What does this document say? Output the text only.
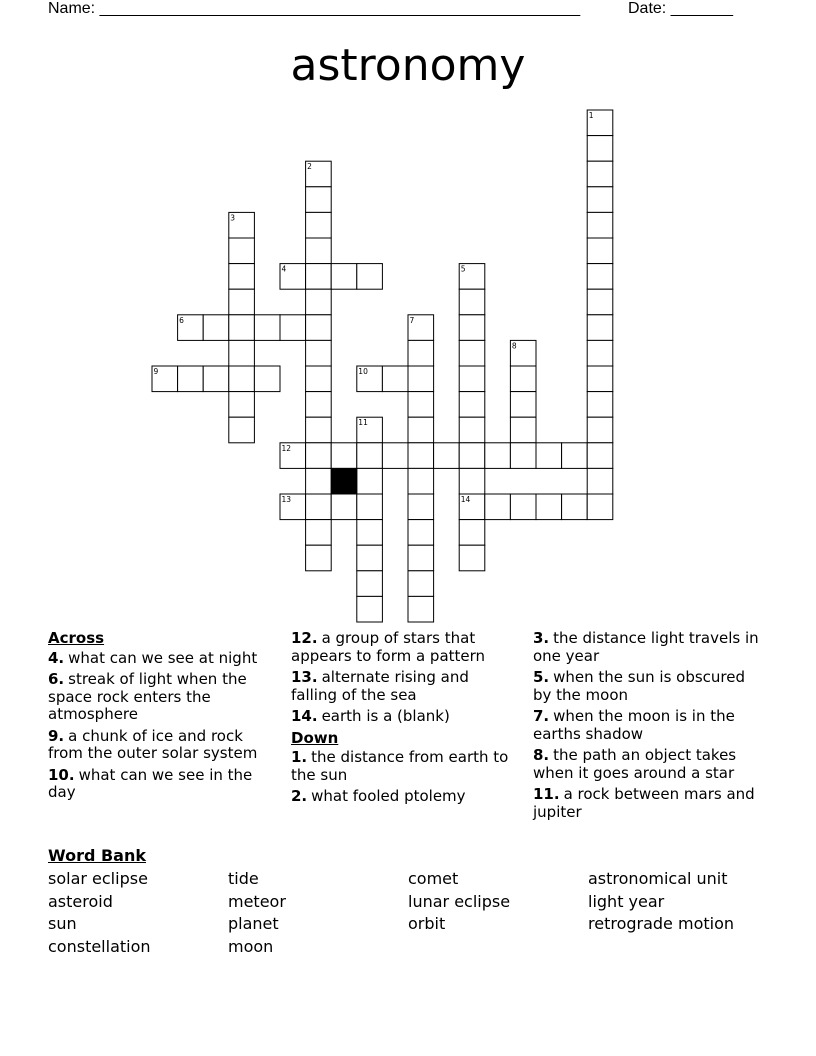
Name: ______________________________________________________	Date: _______
astronomy
1
2
3
4	5
6	7
8
9	10
11
12
13	14
Across
4. what can we see at night
6. streak of light when the space rock enters the atmosphere
9. a chunk of ice and rock from the outer solar system
10. what can we see in the day
12. a group of stars that appears to form a pattern
13. alternate rising and falling of the sea
14. earth is a (blank)
Down
1. the distance from earth to the sun
2. what fooled ptolemy
3. the distance light travels in one year
5. when the sun is obscured by the moon
7. when the moon is in the earths shadow
8. the path an object takes when it goes around a star
11. a rock between mars and jupiter
Word Bank
solar eclipse
asteroid
sun
constellation
tide
meteor
planet
moon
comet
lunar eclipse
orbit
astronomical unit
light year
retrograde motion
